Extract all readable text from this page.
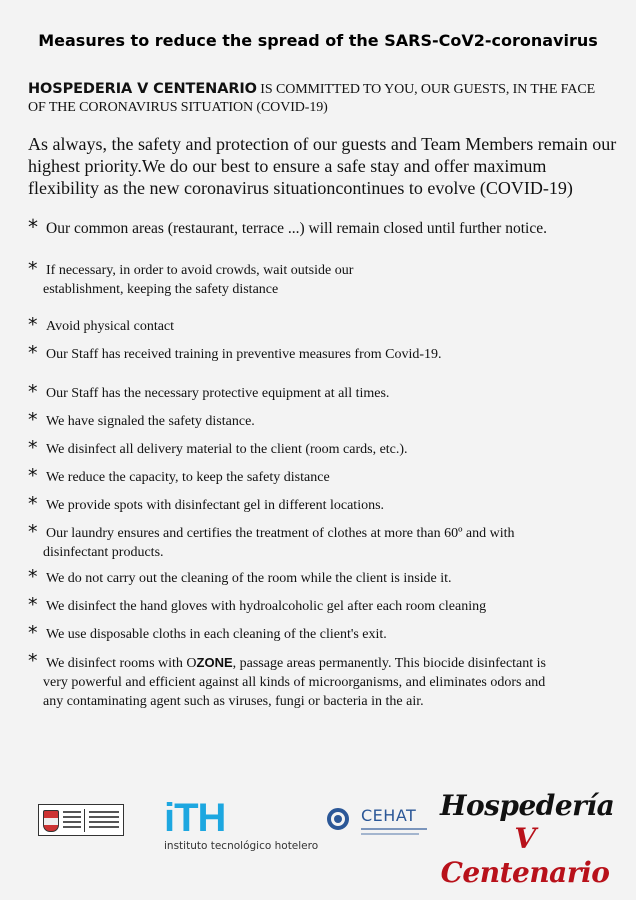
Measures to reduce the spread of the SARS-CoV2-coronavirus
HOSPEDERIA V CENTENARIO IS COMMITTED TO YOU, OUR GUESTS, IN THE FACE OF THE CORONAVIRUS SITUATION (COVID-19)
As always, the safety and protection of our guests and Team Members remain our highest priority.We do our best to ensure a safe stay and offer maximum flexibility as the new coronavirus situationcontinues to evolve (COVID-19)
* Our common areas (restaurant, terrace ...) will remain closed until further notice.
* If necessary, in order to avoid crowds, wait outside our
establishment, keeping the safety distance
* Avoid physical contact
* Our Staff has received training in preventive measures from Covid-19.
* Our Staff has the necessary protective equipment at all times.
* We have signaled the safety distance.
* We disinfect all delivery material to the client (room cards, etc.).
* We reduce the capacity, to keep the safety distance
* We provide spots with disinfectant gel in different locations.
* Our laundry ensures and certifies the treatment of clothes at more than 60º and with
disinfectant products.
* We do not carry out the cleaning of the room while the client is inside it.
* We disinfect the hand gloves with hydroalcoholic gel after each room cleaning
* We use disposable cloths in each cleaning of the client's exit.
* We disinfect rooms with OZONE, passage areas permanently. This biocide disinfectant is
very powerful and efficient against all kinds of microorganisms, and eliminates odors and
any contaminating agent such as viruses, fungi or bacteria in the air.
iTH
instituto tecnológico hotelero
CEHAT Hospedería
V Centenario
